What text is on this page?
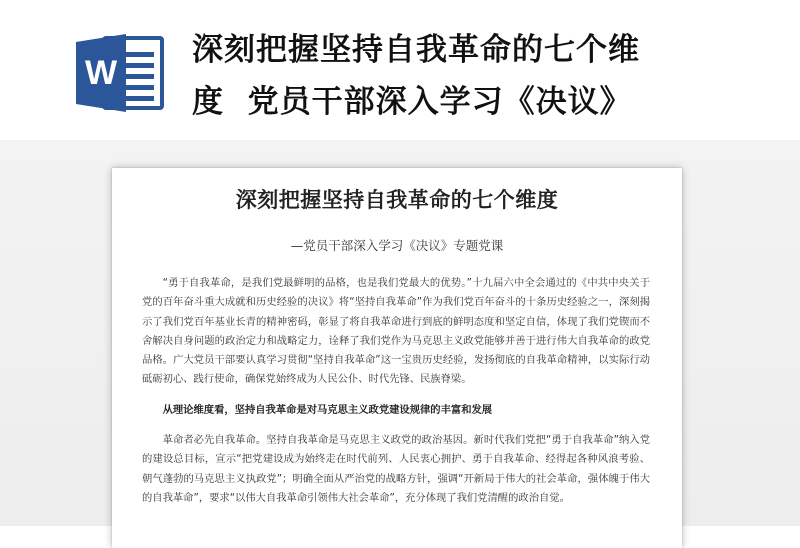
W
深刻把握坚持自我革命的七个维
度  党员干部深入学习《决议》
深刻把握坚持自我革命的七个维度
—党员干部深入学习《决议》专题党课

“勇于自我革命，是我们党最鲜明的品格，也是我们党最大的优势。”十九届六中全会通过的《中共中央关于党的百年奋斗重大成就和历史经验的决议》将“坚持自我革命”作为我们党百年奋斗的十条历史经验之一，深刻揭示了我们党百年基业长青的精神密码，彰显了将自我革命进行到底的鲜明态度和坚定自信，体现了我们党锲而不舍解决自身问题的政治定力和战略定力，诠释了我们党作为马克思主义政党能够并善于进行伟大自我革命的政党品格。广大党员干部要认真学习贯彻“坚持自我革命”这一宝贵历史经验，发扬彻底的自我革命精神，以实际行动砥砺初心、践行使命，确保党始终成为人民公仆、时代先锋、民族脊梁。

从理论维度看，坚持自我革命是对马克思主义政党建设规律的丰富和发展

革命者必先自我革命。坚持自我革命是马克思主义政党的政治基因。新时代我们党把“勇于自我革命”纳入党的建设总目标，宣示“把党建设成为始终走在时代前列、人民衷心拥护、勇于自我革命、经得起各种风浪考验、朝气蓬勃的马克思主义执政党”；明确全面从严治党的战略方针，强调“开新局于伟大的社会革命，强体魄于伟大的自我革命”，要求“以伟大自我革命引领伟大社会革命”，充分体现了我们党清醒的政治自觉。
